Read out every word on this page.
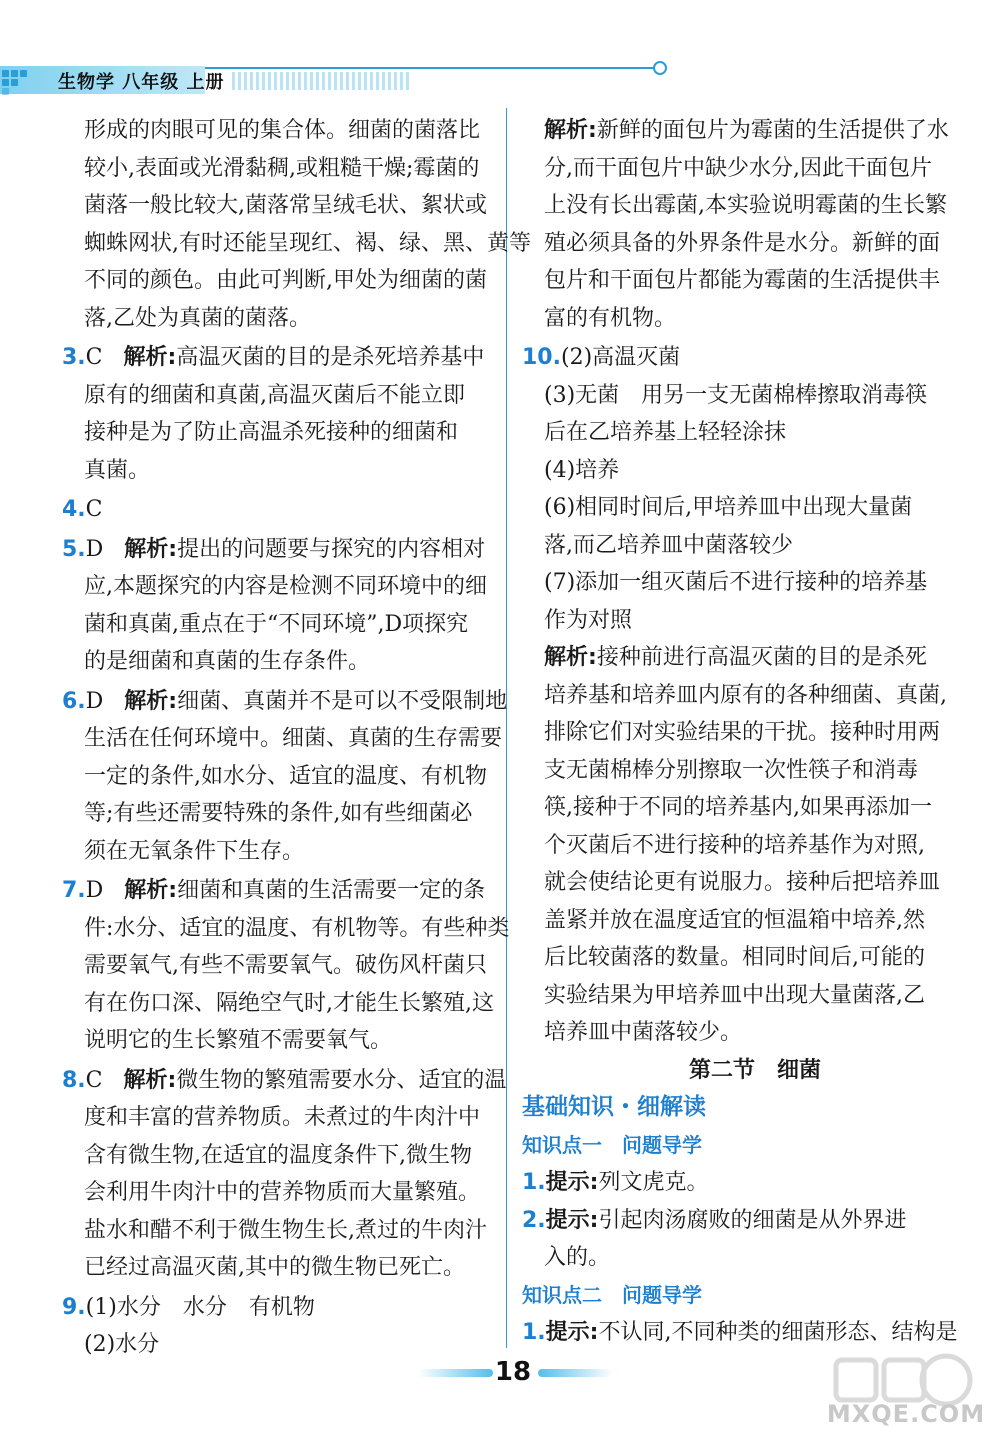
生物学 八年级 上册
形成的肉眼可见的集合体。细菌的菌落比
较小,表面或光滑黏稠,或粗糙干燥;霉菌的
菌落一般比较大,菌落常呈绒毛状、絮状或
蜘蛛网状,有时还能呈现红、褐、绿、黑、黄等
不同的颜色。由此可判断,甲处为细菌的菌
落,乙处为真菌的菌落。
3.C 解析:高温灭菌的目的是杀死培养基中
原有的细菌和真菌,高温灭菌后不能立即
接种是为了防止高温杀死接种的细菌和
真菌。
4.C
5.D 解析:提出的问题要与探究的内容相对
应,本题探究的内容是检测不同环境中的细
菌和真菌,重点在于“不同环境”,D项探究
的是细菌和真菌的生存条件。
6.D 解析:细菌、真菌并不是可以不受限制地
生活在任何环境中。细菌、真菌的生存需要
一定的条件,如水分、适宜的温度、有机物
等;有些还需要特殊的条件,如有些细菌必
须在无氧条件下生存。
7.D 解析:细菌和真菌的生活需要一定的条
件:水分、适宜的温度、有机物等。有些种类
需要氧气,有些不需要氧气。破伤风杆菌只
有在伤口深、隔绝空气时,才能生长繁殖,这
说明它的生长繁殖不需要氧气。
8.C 解析:微生物的繁殖需要水分、适宜的温
度和丰富的营养物质。未煮过的牛肉汁中
含有微生物,在适宜的温度条件下,微生物
会利用牛肉汁中的营养物质而大量繁殖。
盐水和醋不利于微生物生长,煮过的牛肉汁
已经过高温灭菌,其中的微生物已死亡。
9.(1)水分　水分　有机物
(2)水分
解析:新鲜的面包片为霉菌的生活提供了水
分,而干面包片中缺少水分,因此干面包片
上没有长出霉菌,本实验说明霉菌的生长繁
殖必须具备的外界条件是水分。新鲜的面
包片和干面包片都能为霉菌的生活提供丰
富的有机物。
10.(2)高温灭菌
(3)无菌　用另一支无菌棉棒擦取消毒筷
后在乙培养基上轻轻涂抹
(4)培养
(6)相同时间后,甲培养皿中出现大量菌
落,而乙培养皿中菌落较少
(7)添加一组灭菌后不进行接种的培养基
作为对照
解析:接种前进行高温灭菌的目的是杀死
培养基和培养皿内原有的各种细菌、真菌,
排除它们对实验结果的干扰。接种时用两
支无菌棉棒分别擦取一次性筷子和消毒
筷,接种于不同的培养基内,如果再添加一
个灭菌后不进行接种的培养基作为对照,
就会使结论更有说服力。接种后把培养皿
盖紧并放在温度适宜的恒温箱中培养,然
后比较菌落的数量。相同时间后,可能的
实验结果为甲培养皿中出现大量菌落,乙
培养皿中菌落较少。
第二节　细菌
基础知识・细解读
知识点一　问题导学
1.提示:列文虎克。
2.提示:引起肉汤腐败的细菌是从外界进
入的。
知识点二　问题导学
1.提示:不认同,不同种类的细菌形态、结构是
18
MXQE.COM
